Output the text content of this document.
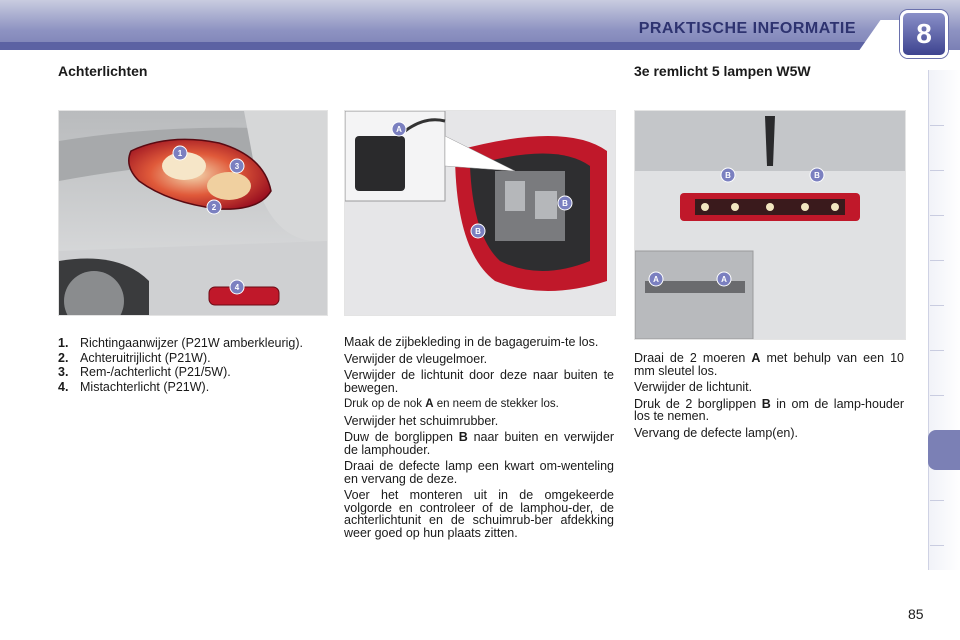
PRAKTISCHE INFORMATIE	8
Achterlichten	3e remlicht 5 lampen W5W
1
2
3
4
A
B
B
B	B
A	A
1. Richtingaanwijzer (P21W amberkleurig).
2. Achteruitrijlicht (P21W).
3. Rem-/achterlicht (P21/5W).
4. Mistachterlicht (P21W).

Maak de zijbekleding in de bagageruim-te los.

Verwijder de vleugelmoer.

Verwijder de lichtunit door deze naar buiten te bewegen.

Druk op de nok A en neem de stekker los.

Verwijder het schuimrubber.

Duw de borglippen B naar buiten en verwijder de lamphouder.

Draai de defecte lamp een kwart om-wenteling en vervang de deze.

Voer het monteren uit in de omgekeerde volgorde en controleer of de lamphou-der, de achterlichtunit en de schuimrub-ber afdekking weer goed op hun plaats zitten.

Draai de 2 moeren A met behulp van een 10 mm sleutel los.

Verwijder de lichtunit.

Druk de 2 borglippen B in om de lamp-houder los te nemen.

Vervang de defecte lamp(en).

85
